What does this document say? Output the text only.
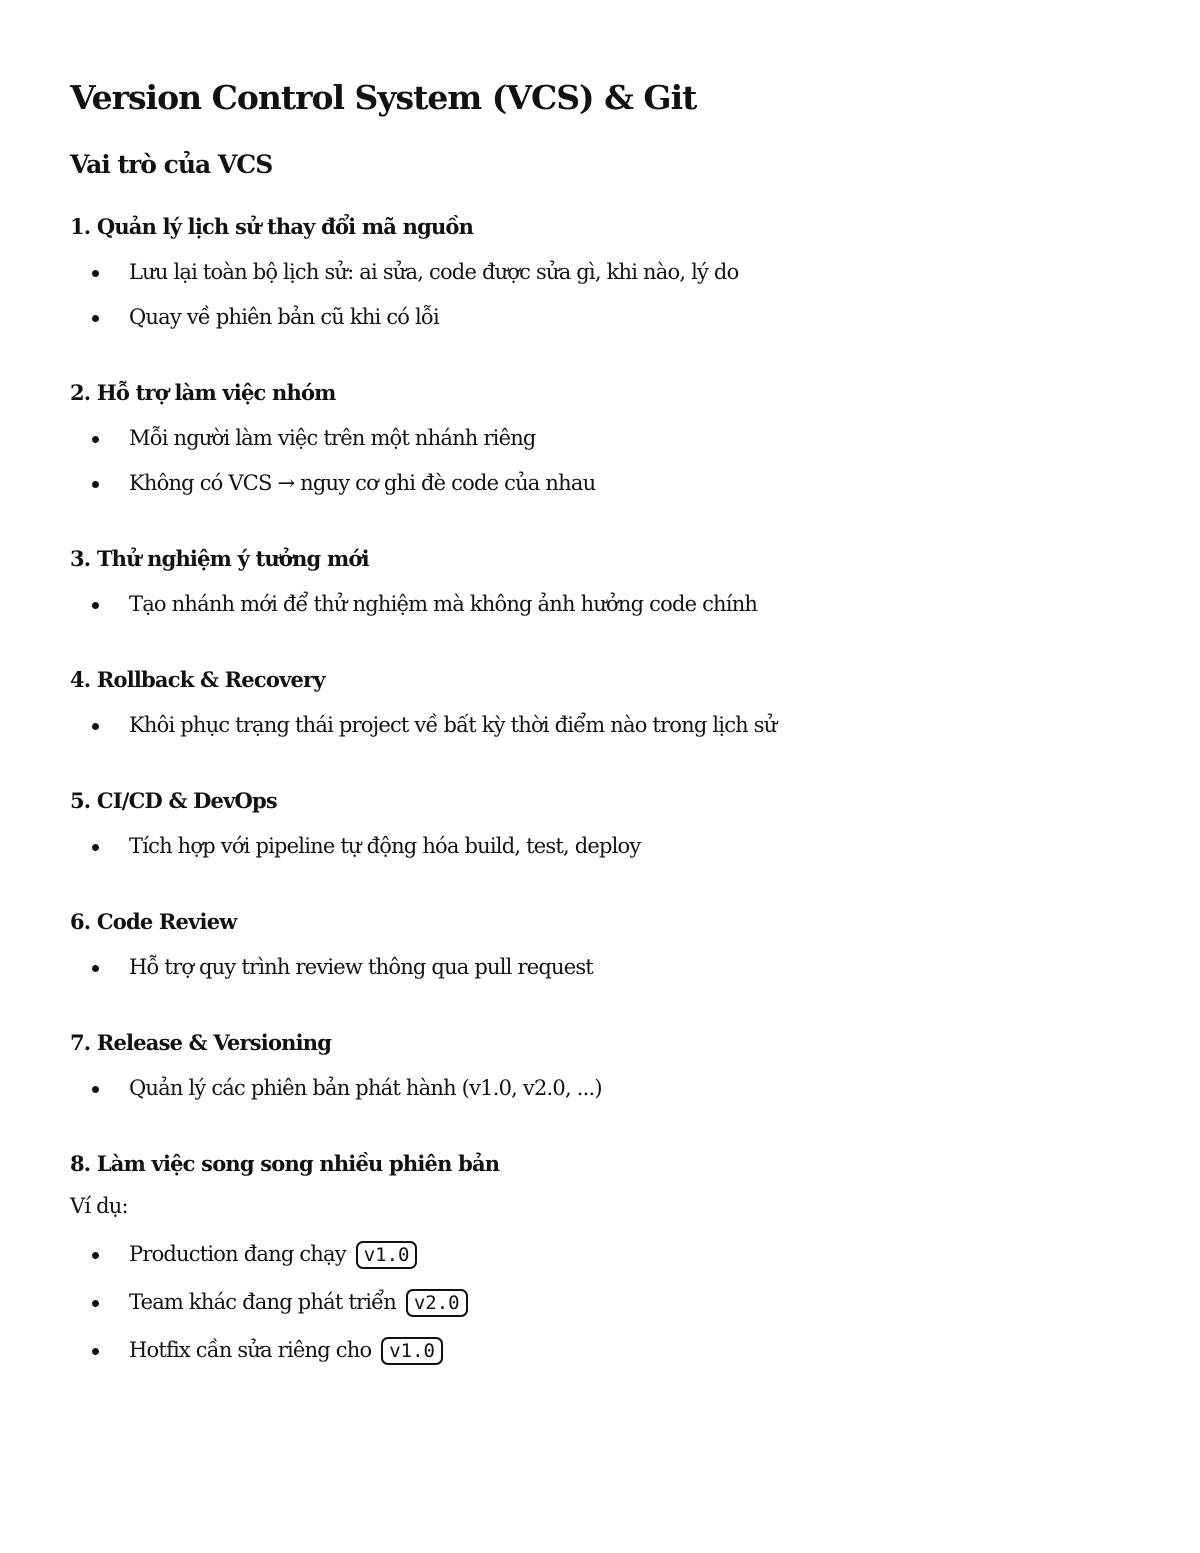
Version Control System (VCS) & Git
Vai trò của VCS
1. Quản lý lịch sử thay đổi mã nguồn
Lưu lại toàn bộ lịch sử: ai sửa, code được sửa gì, khi nào, lý do
Quay về phiên bản cũ khi có lỗi
2. Hỗ trợ làm việc nhóm
Mỗi người làm việc trên một nhánh riêng
Không có VCS → nguy cơ ghi đè code của nhau
3. Thử nghiệm ý tưởng mới
Tạo nhánh mới để thử nghiệm mà không ảnh hưởng code chính
4. Rollback & Recovery
Khôi phục trạng thái project về bất kỳ thời điểm nào trong lịch sử
5. CI/CD & DevOps
Tích hợp với pipeline tự động hóa build, test, deploy
6. Code Review
Hỗ trợ quy trình review thông qua pull request
7. Release & Versioning
Quản lý các phiên bản phát hành (v1.0, v2.0, ...)
8. Làm việc song song nhiều phiên bản
Ví dụ:
Production đang chạy v1.0
Team khác đang phát triển v2.0
Hotfix cần sửa riêng cho v1.0
